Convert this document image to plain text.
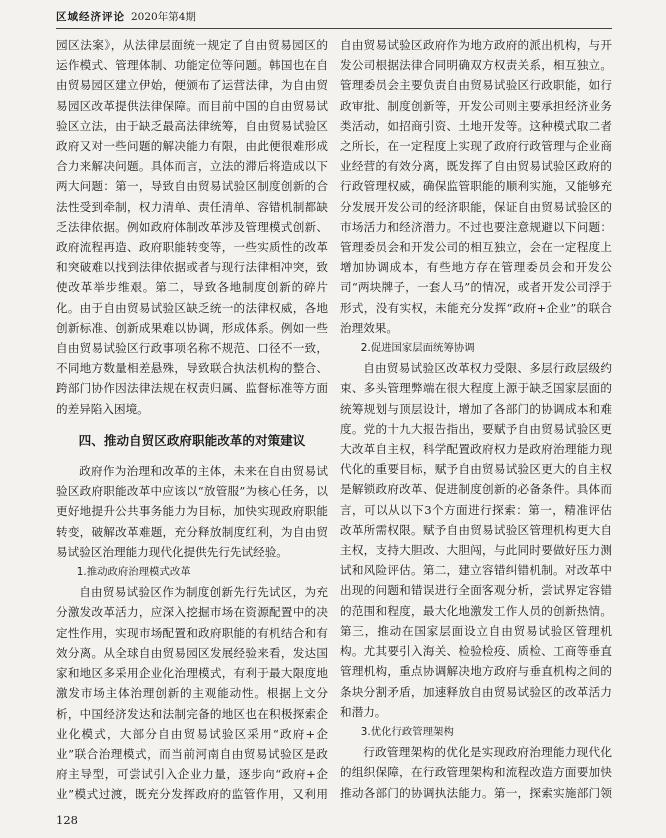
区域经济评论 2020年第4期

园区法案》，从法律层面统一规定了自由贸易园区的运作模式、管理体制、功能定位等问题。韩国也在自由贸易园区建立伊始，便颁布了运营法律，为自由贸易园区改革提供法律保障。而目前中国的自由贸易试验区立法，由于缺乏最高法律统筹，自由贸易试验区政府又对一些问题的解决能力有限，由此便很难形成合力来解决问题。具体而言，立法的滞后将造成以下两大问题：第一，导致自由贸易试验区制度创新的合法性受到牵制，权力清单、责任清单、容错机制都缺乏法律依据。例如政府体制改革涉及管理模式创新、政府流程再造、政府职能转变等，一些实质性的改革和突破难以找到法律依据或者与现行法律相冲突，致使改革举步维艰。第二，导致各地制度创新的碎片化。由于自由贸易试验区缺乏统一的法律权威，各地创新标准、创新成果难以协调，形成体系。例如一些自由贸易试验区行政事项名称不规范、口径不一致，不同地方数量相差悬殊，导致联合执法机构的整合、跨部门协作因法律法规在权责归属、监督标准等方面的差异陷入困境。

四、推动自贸区政府职能改革的对策建议

政府作为治理和改革的主体，未来在自由贸易试验区政府职能改革中应该以“放管服”为核心任务，以更好地提升公共事务能力为目标，加快实现政府职能转变，破解改革难题，充分释放制度红利，为自由贸易试验区治理能力现代化提供先行先试经验。

1.推动政府治理模式改革

自由贸易试验区作为制度创新先行先试区，为充分激发改革活力，应深入挖掘市场在资源配置中的决定性作用，实现市场配置和政府职能的有机结合和有效分离。从全球自由贸易园区发展经验来看，发达国家和地区多采用企业化治理模式，有利于最大限度地激发市场主体治理创新的主观能动性。根据上文分析，中国经济发达和法制完备的地区也在积极探索企业化模式，大部分自由贸易试验区采用“政府+企业”联合治理模式，而当前河南自由贸易试验区是政府主导型，可尝试引入企业力量，逐步向“政府+企业”模式过渡，既充分发挥政府的监管作用，又利用

自由贸易试验区政府作为地方政府的派出机构，与开发公司根据法律合同明确双方权责关系，相互独立。管理委员会主要负责自由贸易试验区行政职能，如行政审批、制度创新等，开发公司则主要承担经济业务类活动，如招商引资、土地开发等。这种模式取二者之所长，在一定程度上实现了政府行政管理与企业商业经营的有效分离，既发挥了自由贸易试验区政府的行政管理权威，确保监管职能的顺利实施，又能够充分发展开发公司的经济职能，保证自由贸易试验区的市场活力和经济潜力。不过也要注意规避以下问题：管理委员会和开发公司的相互独立，会在一定程度上增加协调成本，有些地方存在管理委员会和开发公司“两块牌子，一套人马”的情况，或者开发公司浮于形式，没有实权，未能充分发挥“政府+企业”的联合治理效果。

2.促进国家层面统筹协调

自由贸易试验区改革权力受限、多层行政层级约束、多头管理弊端在很大程度上源于缺乏国家层面的统筹规划与顶层设计，增加了各部门的协调成本和难度。党的十九大报告指出，要赋予自由贸易试验区更大改革自主权，科学配置政府权力是政府治理能力现代化的重要目标，赋予自由贸易试验区更大的自主权是解锁政府改革、促进制度创新的必备条件。具体而言，可以从以下3个方面进行探索：第一，精准评估改革所需权限。赋予自由贸易试验区管理机构更大自主权，支持大胆改、大胆闯，与此同时要做好压力测试和风险评估。第二，建立容错纠错机制。对改革中出现的问题和错误进行全面客观分析，尝试界定容错的范围和程度，最大化地激发工作人员的创新热情。第三，推动在国家层面设立自由贸易试验区管理机构。尤其要引入海关、检验检疫、质检、工商等垂直管理机构，重点协调解决地方政府与垂直机构之间的条块分割矛盾，加速释放自由贸易试验区的改革活力和潜力。

3.优化行政管理架构

行政管理架构的优化是实现政府治理能力现代化的组织保障，在行政管理架构和流程改造方面要加快推动各部门的协调执法能力。第一，探索实施部门领

128
